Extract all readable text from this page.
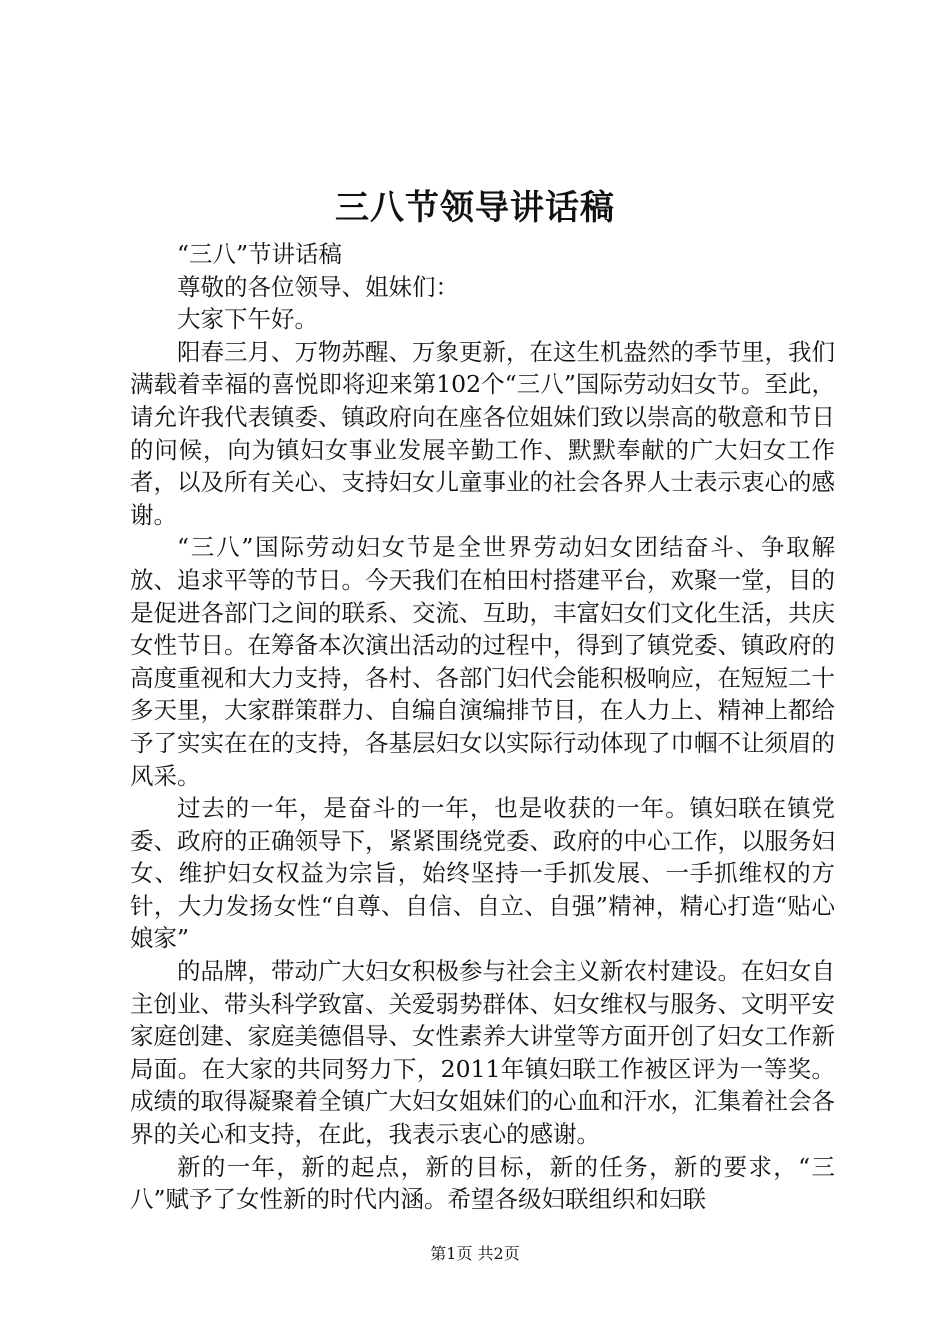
三八节领导讲话稿

“三八”节讲话稿

尊敬的各位领导、姐妹们：

大家下午好。

阳春三月、万物苏醒、万象更新，在这生机盎然的季节里，我们满载着幸福的喜悦即将迎来第102个“三八”国际劳动妇女节。至此，请允许我代表镇委、镇政府向在座各位姐妹们致以崇高的敬意和节日的问候，向为镇妇女事业发展辛勤工作、默默奉献的广大妇女工作者，以及所有关心、支持妇女儿童事业的社会各界人士表示衷心的感谢。

“三八”国际劳动妇女节是全世界劳动妇女团结奋斗、争取解放、追求平等的节日。今天我们在柏田村搭建平台，欢聚一堂，目的是促进各部门之间的联系、交流、互助，丰富妇女们文化生活，共庆女性节日。在筹备本次演出活动的过程中，得到了镇党委、镇政府的高度重视和大力支持，各村、各部门妇代会能积极响应，在短短二十多天里，大家群策群力、自编自演编排节目，在人力上、精神上都给予了实实在在的支持，各基层妇女以实际行动体现了巾帼不让须眉的风采。

过去的一年，是奋斗的一年，也是收获的一年。镇妇联在镇党委、政府的正确领导下，紧紧围绕党委、政府的中心工作，以服务妇女、维护妇女权益为宗旨，始终坚持一手抓发展、一手抓维权的方针，大力发扬女性“自尊、自信、自立、自强”精神，精心打造“贴心娘家”

的品牌，带动广大妇女积极参与社会主义新农村建设。在妇女自主创业、带头科学致富、关爱弱势群体、妇女维权与服务、文明平安家庭创建、家庭美德倡导、女性素养大讲堂等方面开创了妇女工作新局面。在大家的共同努力下，2011年镇妇联工作被区评为一等奖。成绩的取得凝聚着全镇广大妇女姐妹们的心血和汗水，汇集着社会各界的关心和支持，在此，我表示衷心的感谢。

新的一年，新的起点，新的目标，新的任务，新的要求，“三八”赋予了女性新的时代内涵。希望各级妇联组织和妇联

第1页 共2页
